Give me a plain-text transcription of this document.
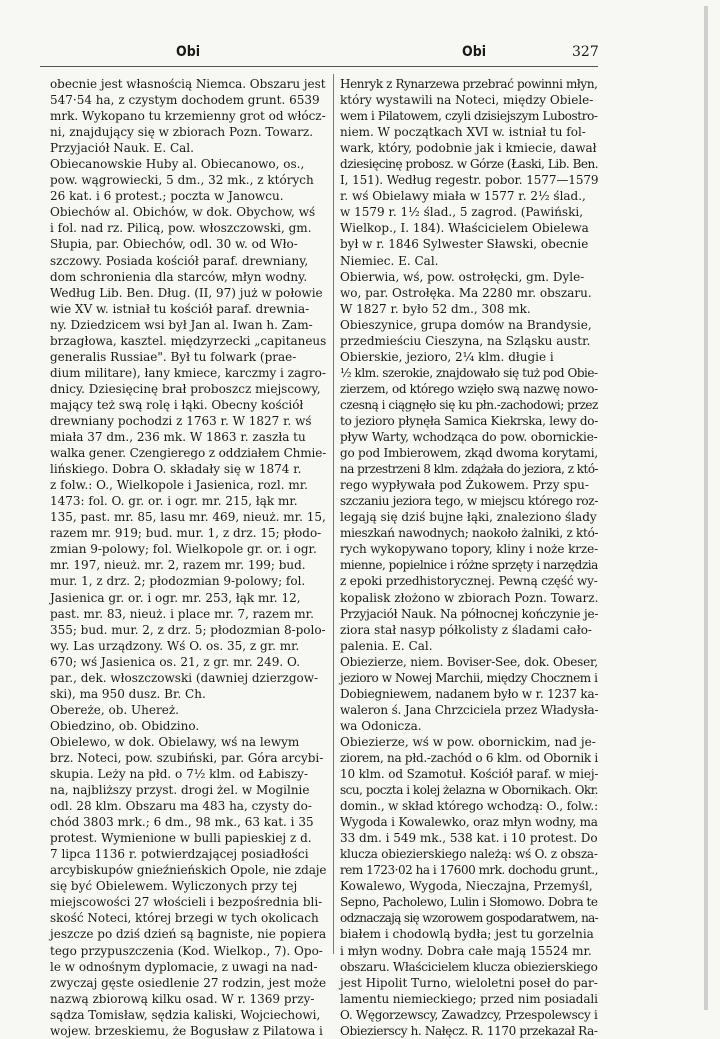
Obi	Obi	327
obecnie jest własnością Niemca. Obszaru jest
547·54 ha, z czystym dochodem grunt. 6539
mrk. Wykopano tu krzemienny grot od włócz-
ni, znajdujący się w zbiorach Pozn. Towarz.
Przyjaciół Nauk. E. Cal.
Obiecanowskie Huby al. Obiecanowo, os.,
pow. wągrowiecki, 5 dm., 32 mk., z których
26 kat. i 6 protest.; poczta w Janowcu.
Obiechów al. Obichów, w dok. Obychow, wś
i fol. nad rz. Pilicą, pow. włoszczowski, gm.
Słupia, par. Obiechów, odl. 30 w. od Wło-
szczowy. Posiada kościół paraf. drewniany,
dom schronienia dla starców, młyn wodny.
Według Lib. Ben. Dług. (II, 97) już w połowie
wie XV w. istniał tu kościół paraf. drewnia-
ny. Dziedzicem wsi był Jan al. Iwan h. Zam-
brzagłowa, kasztel. międzyrzecki „capitaneus
generalis Russiae". Był tu folwark (prae-
dium militare), łany kmiece, karczmy i zagro-
dnicy. Dziesięcinę brał proboszcz miejscowy,
mający też swą rolę i łąki. Obecny kościół
drewniany pochodzi z 1763 r. W 1827 r. wś
miała 37 dm., 236 mk. W 1863 r. zaszła tu
walka gener. Czengierego z oddziałem Chmie-
lińskiego. Dobra O. składały się w 1874 r.
z folw.: O., Wielkopole i Jasienica, rozl. mr.
1473: fol. O. gr. or. i ogr. mr. 215, łąk mr.
135, past. mr. 85, lasu mr. 469, nieuż. mr. 15,
razem mr. 919; bud. mur. 1, z drz. 15; płodo-
zmian 9-polowy; fol. Wielkopole gr. or. i ogr.
mr. 197, nieuż. mr. 2, razem mr. 199; bud.
mur. 1, z drz. 2; płodozmian 9-polowy; fol.
Jasienica gr. or. i ogr. mr. 253, łąk mr. 12,
past. mr. 83, nieuż. i place mr. 7, razem mr.
355; bud. mur. 2, z drz. 5; płodozmian 8-polo-
wy. Las urządzony. Wś O. os. 35, z gr. mr.
670; wś Jasienica os. 21, z gr. mr. 249. O.
par., dek. włoszczowski (dawniej dzierzgow-
ski), ma 950 dusz. Br. Ch.
Obereże, ob. Uhereż.
Obiedzino, ob. Obidzino.
Obielewo, w dok. Obielawy, wś na lewym
brz. Noteci, pow. szubiński, par. Góra arcybi-
skupia. Leży na płd. o 7½ klm. od Łabiszy-
na, najbliższy przyst. drogi żel. w Mogilnie
odl. 28 klm. Obszaru ma 483 ha, czysty do-
chód 3803 mrk.; 6 dm., 98 mk., 63 kat. i 35
protest. Wymienione w bulli papieskiej z d.
7 lipca 1136 r. potwierdzającej posiadłości
arcybiskupów gnieźnieńskich Opole, nie zdaje
się być Obielewem. Wyliczonych przy tej
miejscowości 27 włościeli i bezpośrednia bli-
skość Noteci, której brzegi w tych okolicach
jeszcze po dziś dzień są bagniste, nie popiera
tego przypuszczenia (Kod. Wielkop., 7). Opo-
le w odnośnym dyplomacie, z uwagi na nad-
zwyczaj gęste osiedlenie 27 rodzin, jest może
nazwą zbiorową kilku osad. W r. 1369 przy-
sądza Tomisław, sędzia kaliski, Wojciechowi,
wojew. brzeskiemu, że Bogusław z Pilatowa i
Henryk z Rynarzewa przebrać powinni młyn,
który wystawili na Noteci, między Obiele-
wem i Pilatowem, czyli dzisiejszym Lubostro-
niem. W początkach XVI w. istniał tu fol-
wark, który, podobnie jak i kmiecie, dawał
dziesięcinę probosz. w Górze (Łaski, Lib. Ben.
I, 151). Według regestr. pobor. 1577—1579
r. wś Obielawy miała w 1577 r. 2½ ślad.,
w 1579 r. 1½ ślad., 5 zagrod. (Pawiński,
Wielkop., I. 184). Właścicielem Obielewa
był w r. 1846 Sylwester Sławski, obecnie
Niemiec. E. Cal.
Obierwia, wś, pow. ostrołęcki, gm. Dyle-
wo, par. Ostrołęka. Ma 2280 mr. obszaru.
W 1827 r. było 52 dm., 308 mk.
Obieszynice, grupa domów na Brandysie,
przedmieściu Cieszyna, na Szląsku austr.
Obierskie, jezioro, 2¼ klm. długie i
½ klm. szerokie, znajdowało się tuż pod Obie-
zierzem, od którego wzięło swą nazwę nowo-
czesną i ciągnęło się ku płn.-zachodowi; przez
to jezioro płynęła Samica Kiekrska, lewy do-
pływ Warty, wchodząca do pow. obornickie-
go pod Imbierowem, zkąd dwoma korytami,
na przestrzeni 8 klm. zdążała do jeziora, z któ-
rego wypływała pod Żukowem. Przy spu-
szczaniu jeziora tego, w miejscu którego roz-
legają się dziś bujne łąki, znaleziono ślady
mieszkań nawodnych; naokoło żalniki, z któ-
rych wykopywano topory, kliny i noże krze-
mienne, popielnice i różne sprzęty i narzędzia
z epoki przedhistorycznej. Pewną część wy-
kopalisk złożono w zbiorach Pozn. Towarz.
Przyjaciół Nauk. Na północnej kończynie je-
ziora stał nasyp półkolisty z śladami cało-
palenia. E. Cal.
Obiezierze, niem. Boviser-See, dok. Obeser,
jezioro w Nowej Marchii, między Chocznem i
Dobiegniewem, nadanem było w r. 1237 ka-
waleron ś. Jana Chrzciciela przez Władysła-
wa Odonicza.
Obiezierze, wś w pow. obornickim, nad je-
ziorem, na płd.-zachód o 6 klm. od Obornik i
10 klm. od Szamotuł. Kościół paraf. w miej-
scu, poczta i kolej żelazna w Obornikach. Okr.
domin., w skład którego wchodzą: O., folw.:
Wygoda i Kowalewko, oraz młyn wodny, ma
33 dm. i 549 mk., 538 kat. i 10 protest. Do
klucza obiezierskiego należą: wś O. z obsza-
rem 1723·02 ha i 17600 mrk. dochodu grunt.,
Kowalewo, Wygoda, Nieczajna, Przemyśl,
Sepno, Pacholewo, Lulin i Słomowo. Dobra te
odznaczają się wzorowem gospodaratwem, na-
białem i chodowlą bydła; jest tu gorzelnia
i młyn wodny. Dobra całe mają 15524 mr.
obszaru. Właścicielem klucza obiezierskiego
jest Hipolit Turno, wieloletni poseł do par-
lamentu niemieckiego; przed nim posiadali
O. Węgorzewscy, Zawadzcy, Przespolewscy i
Obiezierscy h. Nałęcz. R. 1170 przekazał Ra-
